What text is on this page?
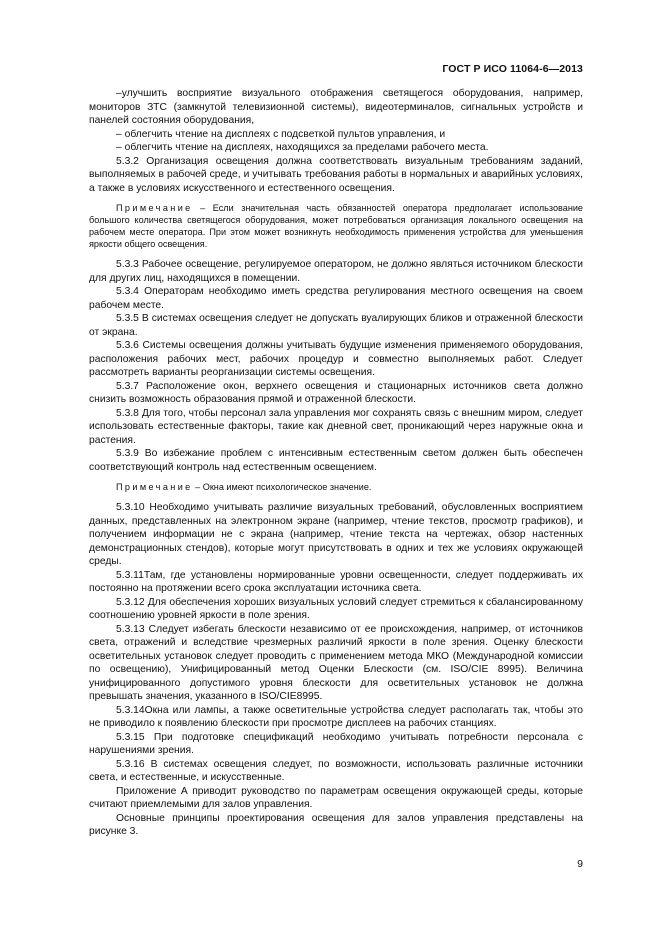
ГОСТ Р ИСО 11064-6—2013

–улучшить восприятие визуального отображения светящегося оборудования, например, мониторов ЗТС (замкнутой телевизионной системы), видеотерминалов, сигнальных устройств и панелей состояния оборудования,

– облегчить чтение на дисплеях с подсветкой пультов управления, и

– облегчить чтение на дисплеях, находящихся за пределами рабочего места.

5.3.2 Организация освещения должна соответствовать визуальным требованиям заданий, выполняемых в рабочей среде, и учитывать требования работы в нормальных и аварийных условиях, а также в условиях искусственного и естественного освещения.

Примечание – Если значительная часть обязанностей оператора предполагает использование большого количества светящегося оборудования, может потребоваться организация локального освещения на рабочем месте оператора. При этом может возникнуть необходимость применения устройства для уменьшения яркости общего освещения.

5.3.3 Рабочее освещение, регулируемое оператором, не должно являться источником блескости для других лиц, находящихся в помещении.

5.3.4 Операторам необходимо иметь средства регулирования местного освещения на своем рабочем месте.

5.3.5 В системах освещения следует не допускать вуалирующих бликов и отраженной блескости от экрана.

5.3.6 Системы освещения должны учитывать будущие изменения применяемого оборудования, расположения рабочих мест, рабочих процедур и совместно выполняемых работ. Следует рассмотреть варианты реорганизации системы освещения.

5.3.7 Расположение окон, верхнего освещения и стационарных источников света должно снизить возможность образования прямой и отраженной блескости.

5.3.8 Для того, чтобы персонал зала управления мог сохранять связь с внешним миром, следует использовать естественные факторы, такие как дневной свет, проникающий через наружные окна и растения.

5.3.9 Во избежание проблем с интенсивным естественным светом должен быть обеспечен соответствующий контроль над естественным освещением.

Примечание – Окна имеют психологическое значение.

5.3.10 Необходимо учитывать различие визуальных требований, обусловленных восприятием данных, представленных на электронном экране (например, чтение текстов, просмотр графиков), и получением информации не с экрана (например, чтение текста на чертежах, обзор настенных демонстрационных стендов), которые могут присутствовать в одних и тех же условиях окружающей среды.

5.3.11Там, где установлены нормированные уровни освещенности, следует поддерживать их постоянно на протяжении всего срока эксплуатации источника света.

5.3.12 Для обеспечения хороших визуальных условий следует стремиться к сбалансированному соотношению уровней яркости в поле зрения.

5.3.13 Следует избегать блескости независимо от ее происхождения, например, от источников света, отражений и вследствие чрезмерных различий яркости в поле зрения. Оценку блескости осветительных установок следует проводить с применением метода МКО (Международной комиссии по освещению), Унифицированный метод Оценки Блескости (см. ISO/CIE 8995). Величина унифицированного допустимого уровня блескости для осветительных установок не должна превышать значения, указанного в ISO/CIE8995.

5.3.14Окна или лампы, а также осветительные устройства следует располагать так, чтобы это не приводило к появлению блескости при просмотре дисплеев на рабочих станциях.

5.3.15 При подготовке спецификаций необходимо учитывать потребности персонала с нарушениями зрения.

5.3.16 В системах освещения следует, по возможности, использовать различные источники света, и естественные, и искусственные.

Приложение А приводит руководство по параметрам освещения окружающей среды, которые считают приемлемыми для залов управления.

Основные принципы проектирования освещения для залов управления представлены на рисунке 3.

9
